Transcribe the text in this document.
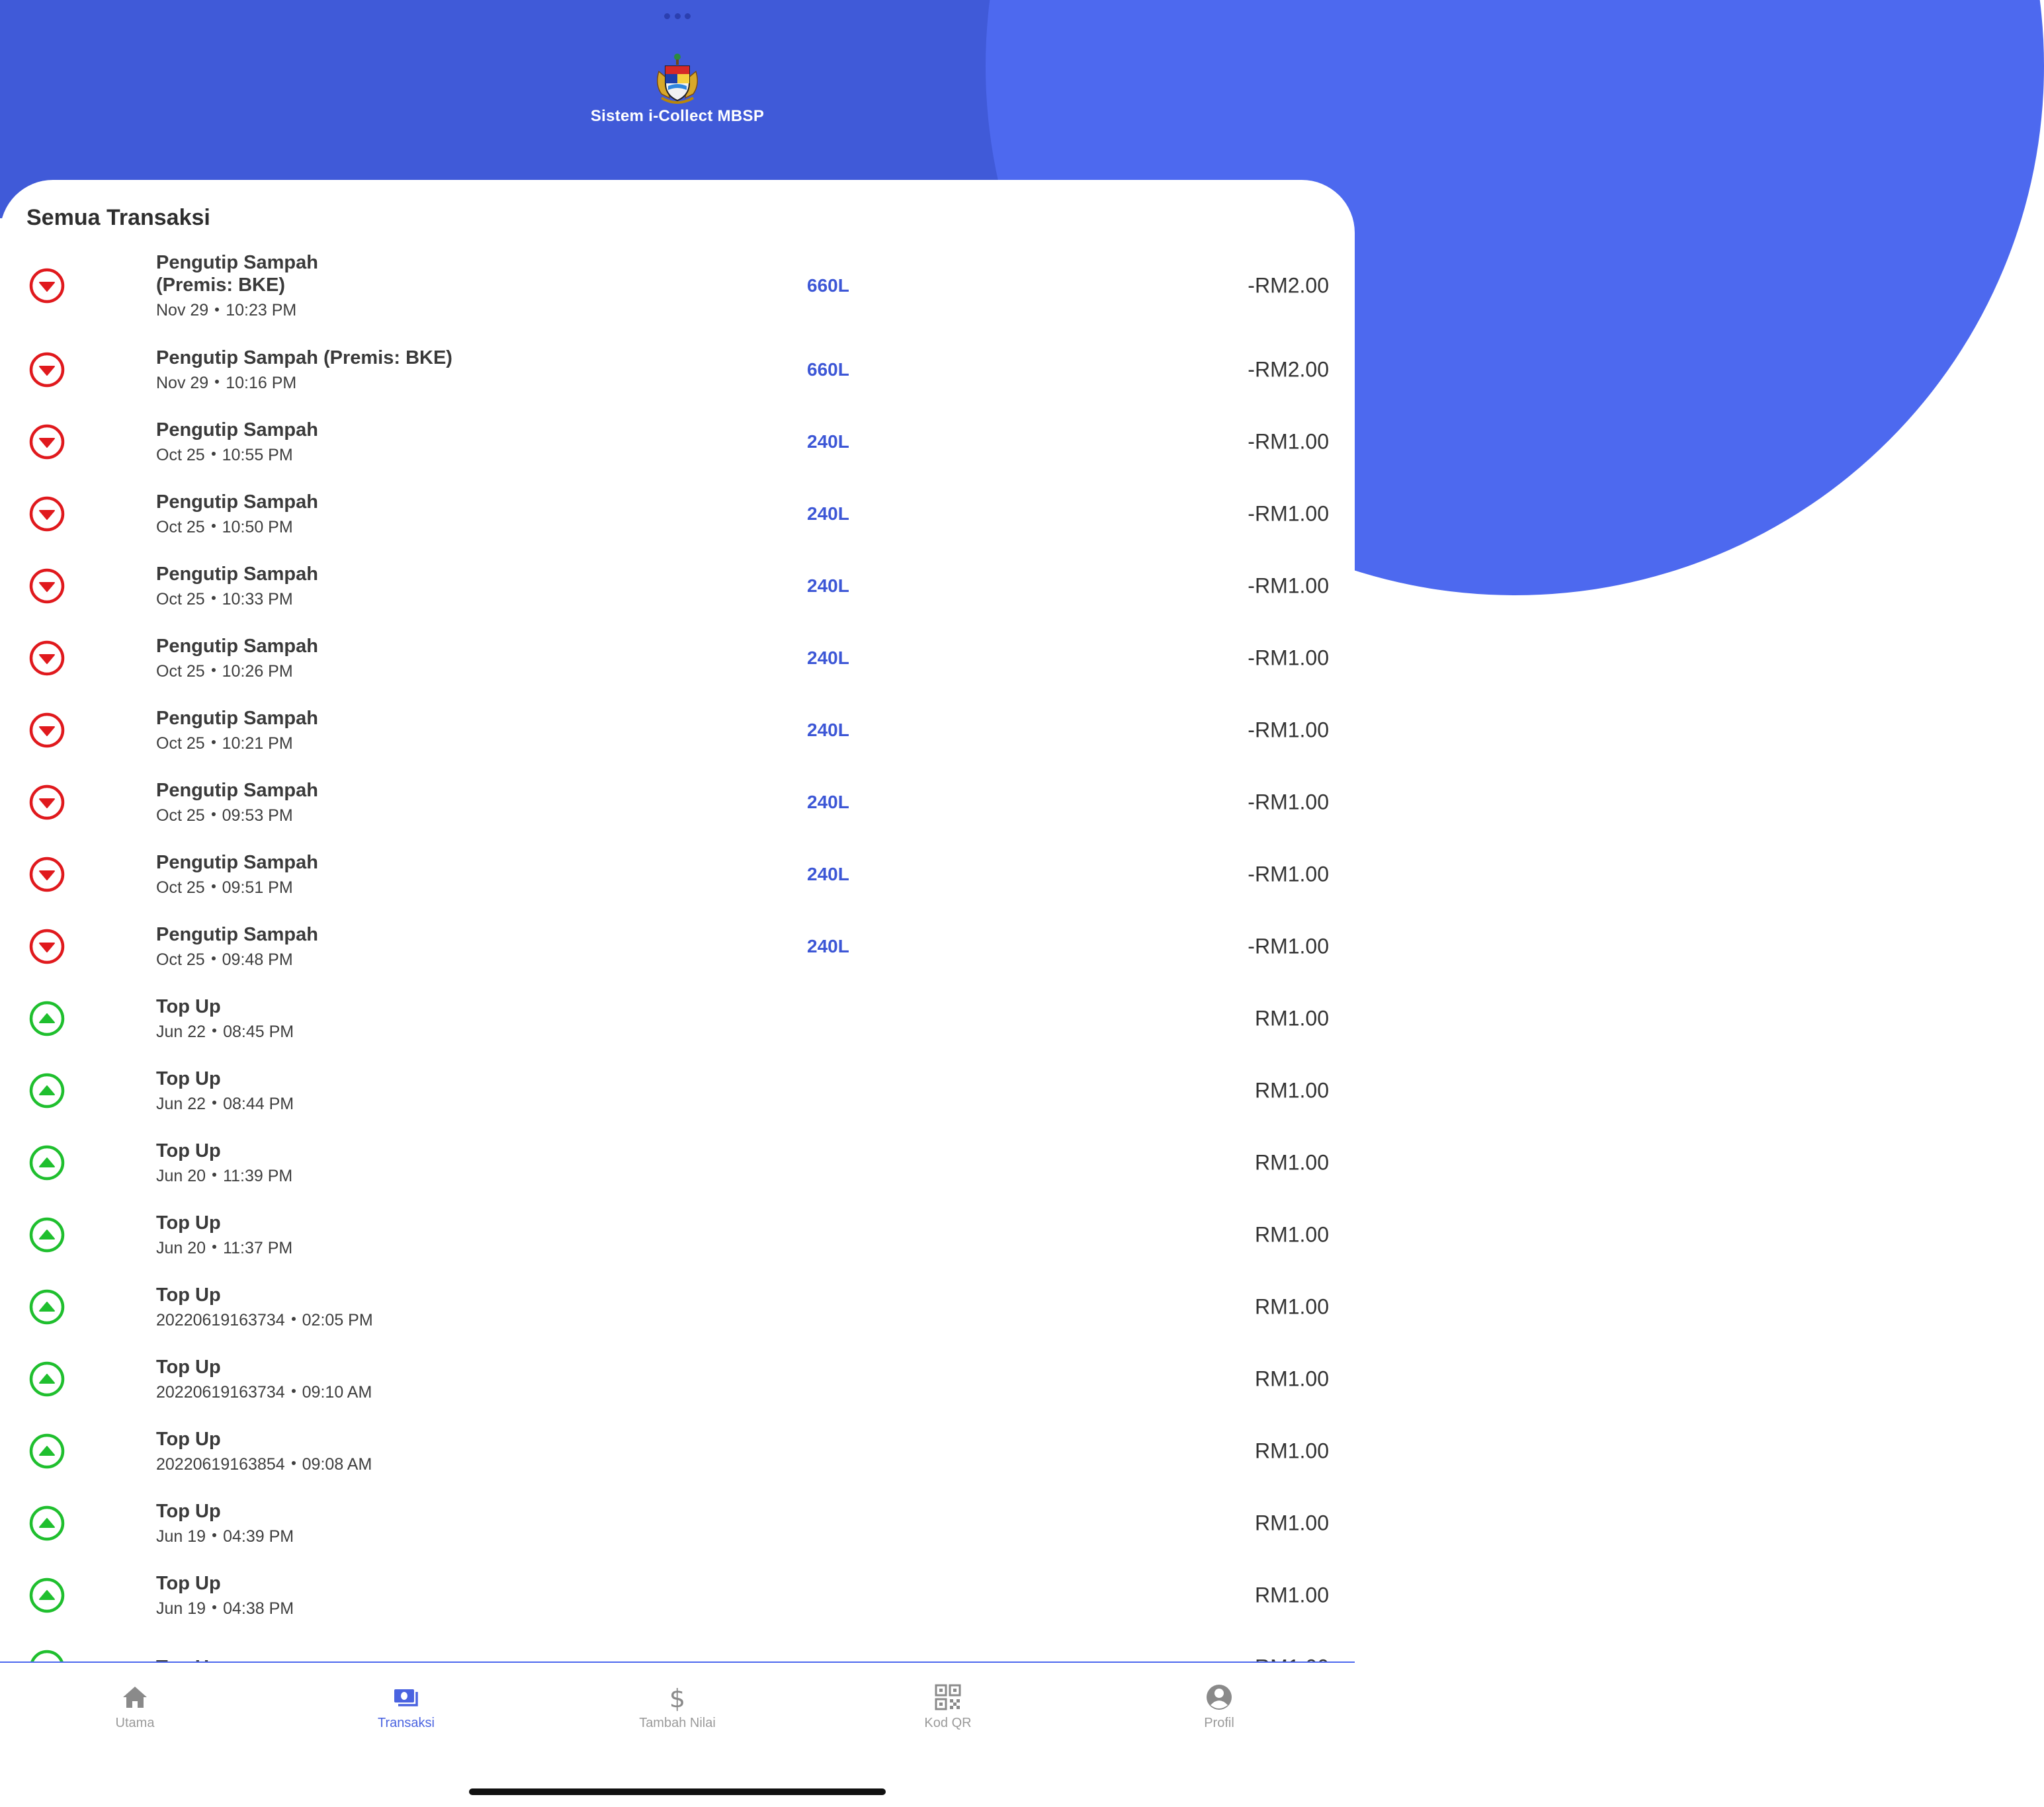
Sistem i-Collect MBSP
Semua Transaksi
Pengutip Sampah (Premis: BKE)
Nov 29 10:23 PM
660L	-RM2.00
Pengutip Sampah (Premis: BKE)
Nov 29 10:16 PM
660L	-RM2.00
Pengutip Sampah
Oct 25 10:55 PM
240L	-RM1.00
Pengutip Sampah
Oct 25 10:50 PM
240L	-RM1.00
Pengutip Sampah
Oct 25 10:33 PM
240L	-RM1.00
Pengutip Sampah
Oct 25 10:26 PM
240L	-RM1.00
Pengutip Sampah
Oct 25 10:21 PM
240L	-RM1.00
Pengutip Sampah
Oct 25 09:53 PM
240L	-RM1.00
Pengutip Sampah
Oct 25 09:51 PM
240L	-RM1.00
Pengutip Sampah
Oct 25 09:48 PM
240L	-RM1.00
Top Up
Jun 22 08:45 PM
RM1.00
Top Up
Jun 22 08:44 PM
RM1.00
Top Up
Jun 20 11:39 PM
RM1.00
Top Up
Jun 20 11:37 PM
RM1.00
Top Up
20220619163734 02:05 PM
RM1.00
Top Up
20220619163734 09:10 AM
RM1.00
Top Up
20220619163854 09:08 AM
RM1.00
Top Up
Jun 19 04:39 PM
RM1.00
Top Up
Jun 19 04:38 PM
RM1.00
Utama	Transaksi
$
Tambah Nilai	Kod QR	Profil
